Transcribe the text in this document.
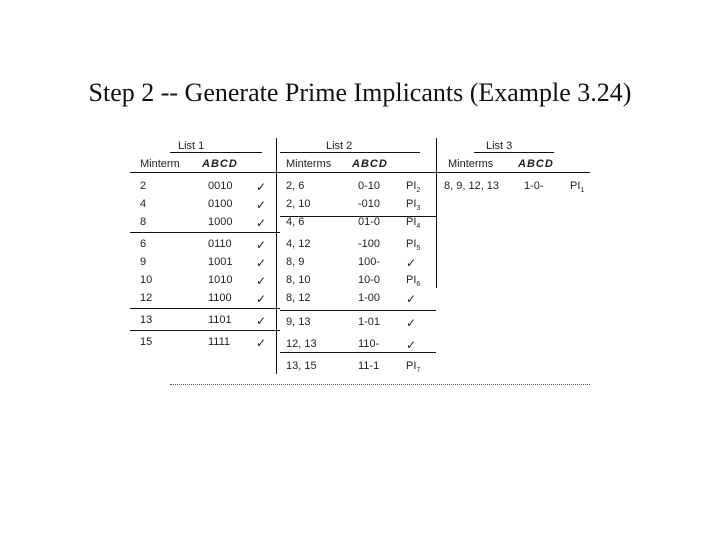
Step 2 -- Generate Prime Implicants (Example 3.24)
List 1	List 2	List 3
Minterm ABCD	Minterms ABCD	Minterms ABCD
2	0010 ✓
4	0100 ✓
8	1000 ✓
6	0110 ✓
9	1001 ✓
10	1010 ✓
12	1100 ✓
13	1101 ✓
15	1111 ✓
2, 6	0-10 $PI_2$
2, 10	-010 $PI_3$
4, 6	01-0 $PI_4$
4, 12	-100 $PI_5$
8, 9	100- ✓
8, 10	10-0 $PI_6$
8, 12	1-00 ✓
9, 13	1-01 ✓
12, 13	110- ✓
13, 15	11-1 $PI_7$
8, 9, 12, 13 1-0- $PI_1$
